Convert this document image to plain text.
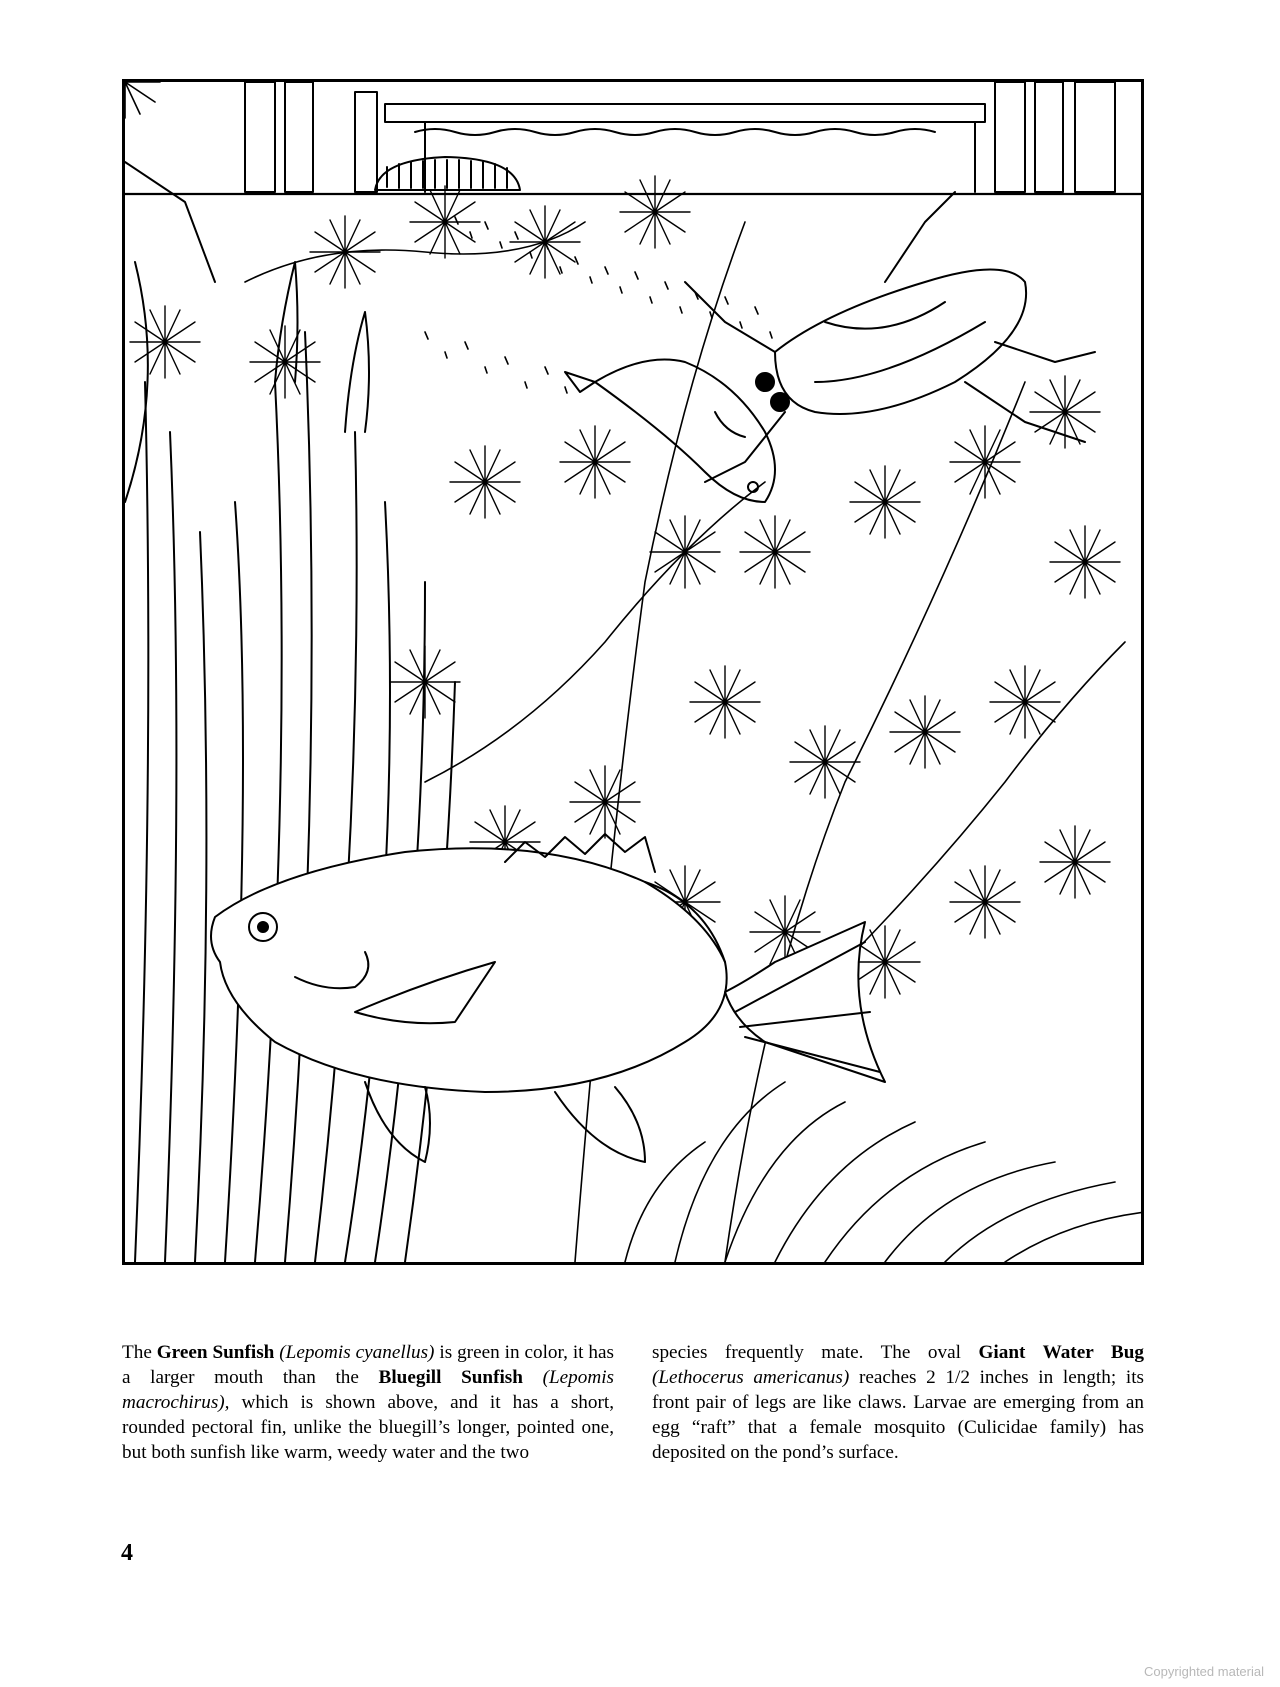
The Green Sunfish (Lepomis cyanellus) is green in color, it has a larger mouth than the Bluegill Sunfish (Lepomis macrochirus), which is shown above, and it has a short, rounded pectoral fin, unlike the bluegill’s longer, pointed one, but both sunfish like warm, weedy water and the two

species frequently mate. The oval Giant Water Bug (Lethocerus americanus) reaches 2 1/2 inches in length; its front pair of legs are like claws. Larvae are emerging from an egg “raft” that a female mosquito (Culicidae family) has deposited on the pond’s surface.

4
Copyrighted material
